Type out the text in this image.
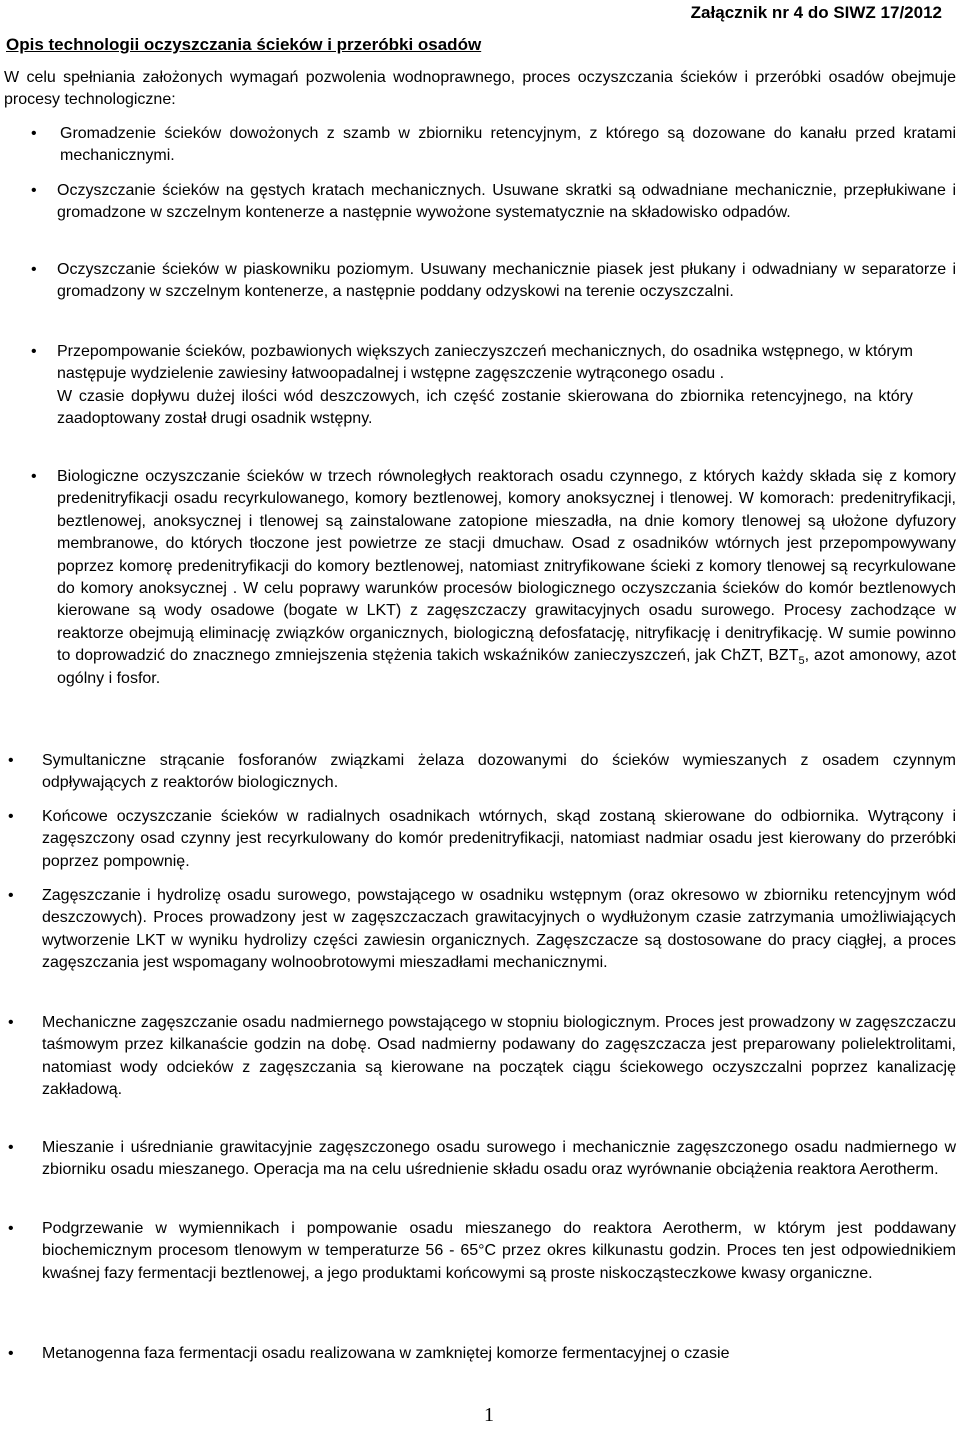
Załącznik nr 4 do SIWZ 17/2012
Opis technologii oczyszczania ścieków i przeróbki osadów
W celu spełniania założonych wymagań pozwolenia wodnoprawnego, proces oczyszczania ścieków i przeróbki osadów obejmuje procesy technologiczne:
• Gromadzenie ścieków dowożonych z szamb w zbiorniku retencyjnym, z którego są dozowane do kanału przed kratami mechanicznymi.

• Oczyszczanie ścieków na gęstych kratach mechanicznych. Usuwane skratki są odwadniane mechanicznie, przepłukiwane i gromadzone w szczelnym kontenerze a następnie wywożone systematycznie na składowisko odpadów.

• Oczyszczanie ścieków w piaskowniku poziomym. Usuwany mechanicznie piasek jest płukany i odwadniany w separatorze i gromadzony w szczelnym kontenerze, a następnie poddany odzyskowi na terenie oczyszczalni.

• Przepompowanie ścieków, pozbawionych większych zanieczyszczeń mechanicznych, do osadnika wstępnego, w którym następuje wydzielenie zawiesiny łatwoopadalnej i wstępne zagęszczenie wytrąconego osadu .

W czasie dopływu dużej ilości wód deszczowych, ich część zostanie skierowana do zbiornika retencyjnego, na który zaadoptowany został drugi osadnik wstępny.

• Biologiczne oczyszczanie ścieków w trzech równoległych reaktorach osadu czynnego, z których każdy składa się z komory predenitryfikacji osadu recyrkulowanego, komory beztlenowej, komory anoksycznej i tlenowej. W komorach: predenitryfikacji, beztlenowej, anoksycznej i tlenowej są zainstalowane zatopione mieszadła, na dnie komory tlenowej są ułożone dyfuzory membranowe, do których tłoczone jest powietrze ze stacji dmuchaw. Osad z osadników wtórnych jest przepompowywany poprzez komorę predenitryfikacji do komory beztlenowej, natomiast znitryfikowane ścieki z komory tlenowej są recyrkulowane do komory anoksycznej . W celu poprawy warunków procesów biologicznego oczyszczania ścieków do komór beztlenowych kierowane są wody osadowe (bogate w LKT) z zagęszczaczy grawitacyjnych osadu surowego. Procesy zachodzące w reaktorze obejmują eliminację związków organicznych, biologiczną defosfatację, nitryfikację i denitryfikację. W sumie powinno to doprowadzić do znacznego zmniejszenia stężenia takich wskaźników zanieczyszczeń, jak ChZT, $BZT_5$, azot amonowy, azot ogólny i fosfor.

• Symultaniczne strącanie fosforanów związkami żelaza dozowanymi do ścieków wymieszanych z osadem czynnym odpływających z reaktorów biologicznych.

• Końcowe oczyszczanie ścieków w radialnych osadnikach wtórnych, skąd zostaną skierowane do odbiornika. Wytrącony i zagęszczony osad czynny jest recyrkulowany do komór predenitryfikacji, natomiast nadmiar osadu jest kierowany do przeróbki poprzez pompownię.

• Zagęszczanie i hydrolizę osadu surowego, powstającego w osadniku wstępnym (oraz okresowo w zbiorniku retencyjnym wód deszczowych). Proces prowadzony jest w zagęszczaczach grawitacyjnych o wydłużonym czasie zatrzymania umożliwiających wytworzenie LKT w wyniku hydrolizy części zawiesin organicznych. Zagęszczacze są dostosowane do pracy ciągłej, a proces zagęszczania jest wspomagany wolnoobrotowymi mieszadłami mechanicznymi.

• Mechaniczne zagęszczanie osadu nadmiernego powstającego w stopniu biologicznym. Proces jest prowadzony w zagęszczaczu taśmowym przez kilkanaście godzin na dobę. Osad nadmierny podawany do zagęszczacza jest preparowany polielektrolitami, natomiast wody odcieków z zagęszczania są kierowane na początek ciągu ściekowego oczyszczalni poprzez kanalizację zakładową.

• Mieszanie i uśrednianie grawitacyjnie zagęszczonego osadu surowego i mechanicznie zagęszczonego osadu nadmiernego w zbiorniku osadu mieszanego. Operacja ma na celu uśrednienie składu osadu oraz wyrównanie obciążenia reaktora Aerotherm.

• Podgrzewanie w wymiennikach i pompowanie osadu mieszanego do reaktora Aerotherm, w którym jest poddawany biochemicznym procesom tlenowym w temperaturze 56 - 65°C przez okres kilkunastu godzin. Proces ten jest odpowiednikiem kwaśnej fazy fermentacji beztlenowej, a jego produktami końcowymi są proste niskocząsteczkowe kwasy organiczne.

• Metanogenna faza fermentacji osadu realizowana w zamkniętej komorze fermentacyjnej o czasie

1
